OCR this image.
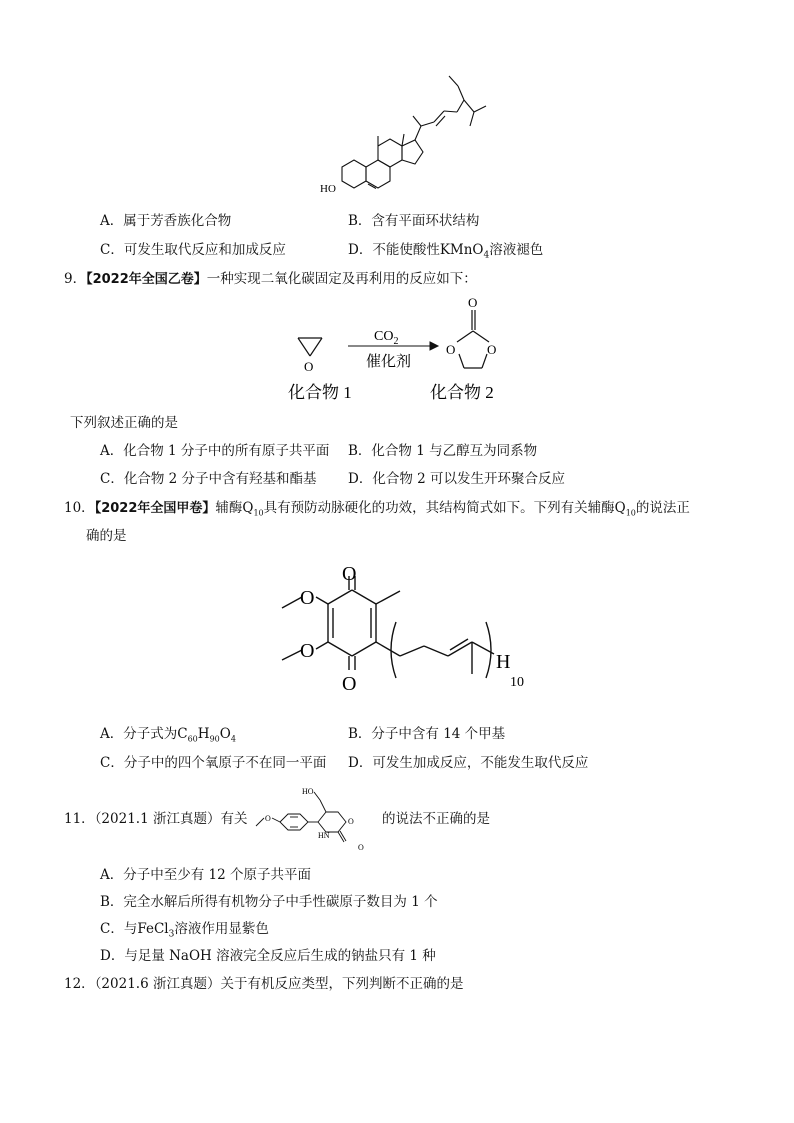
HO
A．属于芳香族化合物	B．含有平面环状结构
C．可发生取代反应和加成反应	D．不能使酸性KMnO$_4$溶液褪色
9．【2022年全国乙卷】一种实现二氧化碳固定及再利用的反应如下：
O
$CO_2$
催化剂
O
O O
化合物 1	化合物 2
下列叙述正确的是
A．化合物 1 分子中的所有原子共平面 B．化合物 1 与乙醇互为同系物
C．化合物 2 分子中含有羟基和酯基 D．化合物 2 可以发生开环聚合反应
10．【2022年全国甲卷】辅酶$Q_{10}$具有预防动脉硬化的功效，其结构简式如下。下列有关辅酶$Q_{10}$的说法正
确的是
O
O
O
O	H
10
A．分子式为$C_{60}H_{90}O_4$	B．分子中含有 14 个甲基
C．分子中的四个氧原子不在同一平面 D．可发生加成反应，不能发生取代反应
11．（2021.1 浙江真题）有关
HO
O	O
HN
O
的说法不正确的是
A．分子中至少有 12 个原子共平面
B．完全水解后所得有机物分子中手性碳原子数目为 1 个
C．与FeCl$_3$溶液作用显紫色
D．与足量 NaOH 溶液完全反应后生成的钠盐只有 1 种
12．（2021.6 浙江真题）关于有机反应类型，下列判断不正确的是
